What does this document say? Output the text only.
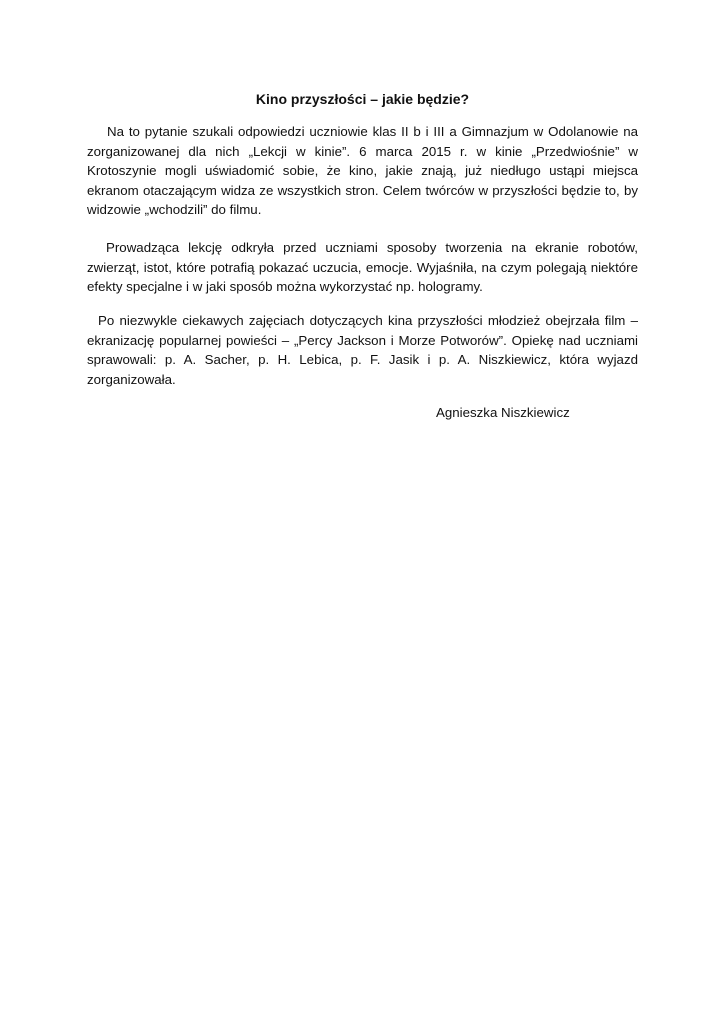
Kino przyszłości – jakie będzie?

Na to pytanie szukali odpowiedzi uczniowie klas II b i III a Gimnazjum w Odolanowie na zorganizowanej dla nich „Lekcji w kinie”. 6 marca 2015 r. w kinie „Przedwiośnie” w Krotoszynie mogli uświadomić sobie, że kino, jakie znają, już niedługo ustąpi miejsca ekranom otaczającym widza ze wszystkich stron. Celem twórców w przyszłości będzie to, by widzowie „wchodzili” do filmu.

Prowadząca lekcję odkryła przed uczniami sposoby tworzenia na ekranie robotów, zwierząt, istot, które potrafią pokazać uczucia, emocje. Wyjaśniła, na czym polegają niektóre efekty specjalne i w jaki sposób można wykorzystać np. hologramy.

Po niezwykle ciekawych zajęciach dotyczących kina przyszłości młodzież obejrzała film – ekranizację popularnej powieści – „Percy Jackson i Morze Potworów”. Opiekę nad uczniami sprawowali: p. A. Sacher, p. H. Lebica, p. F. Jasik i p. A. Niszkiewicz, która wyjazd zorganizowała.

Agnieszka Niszkiewicz
